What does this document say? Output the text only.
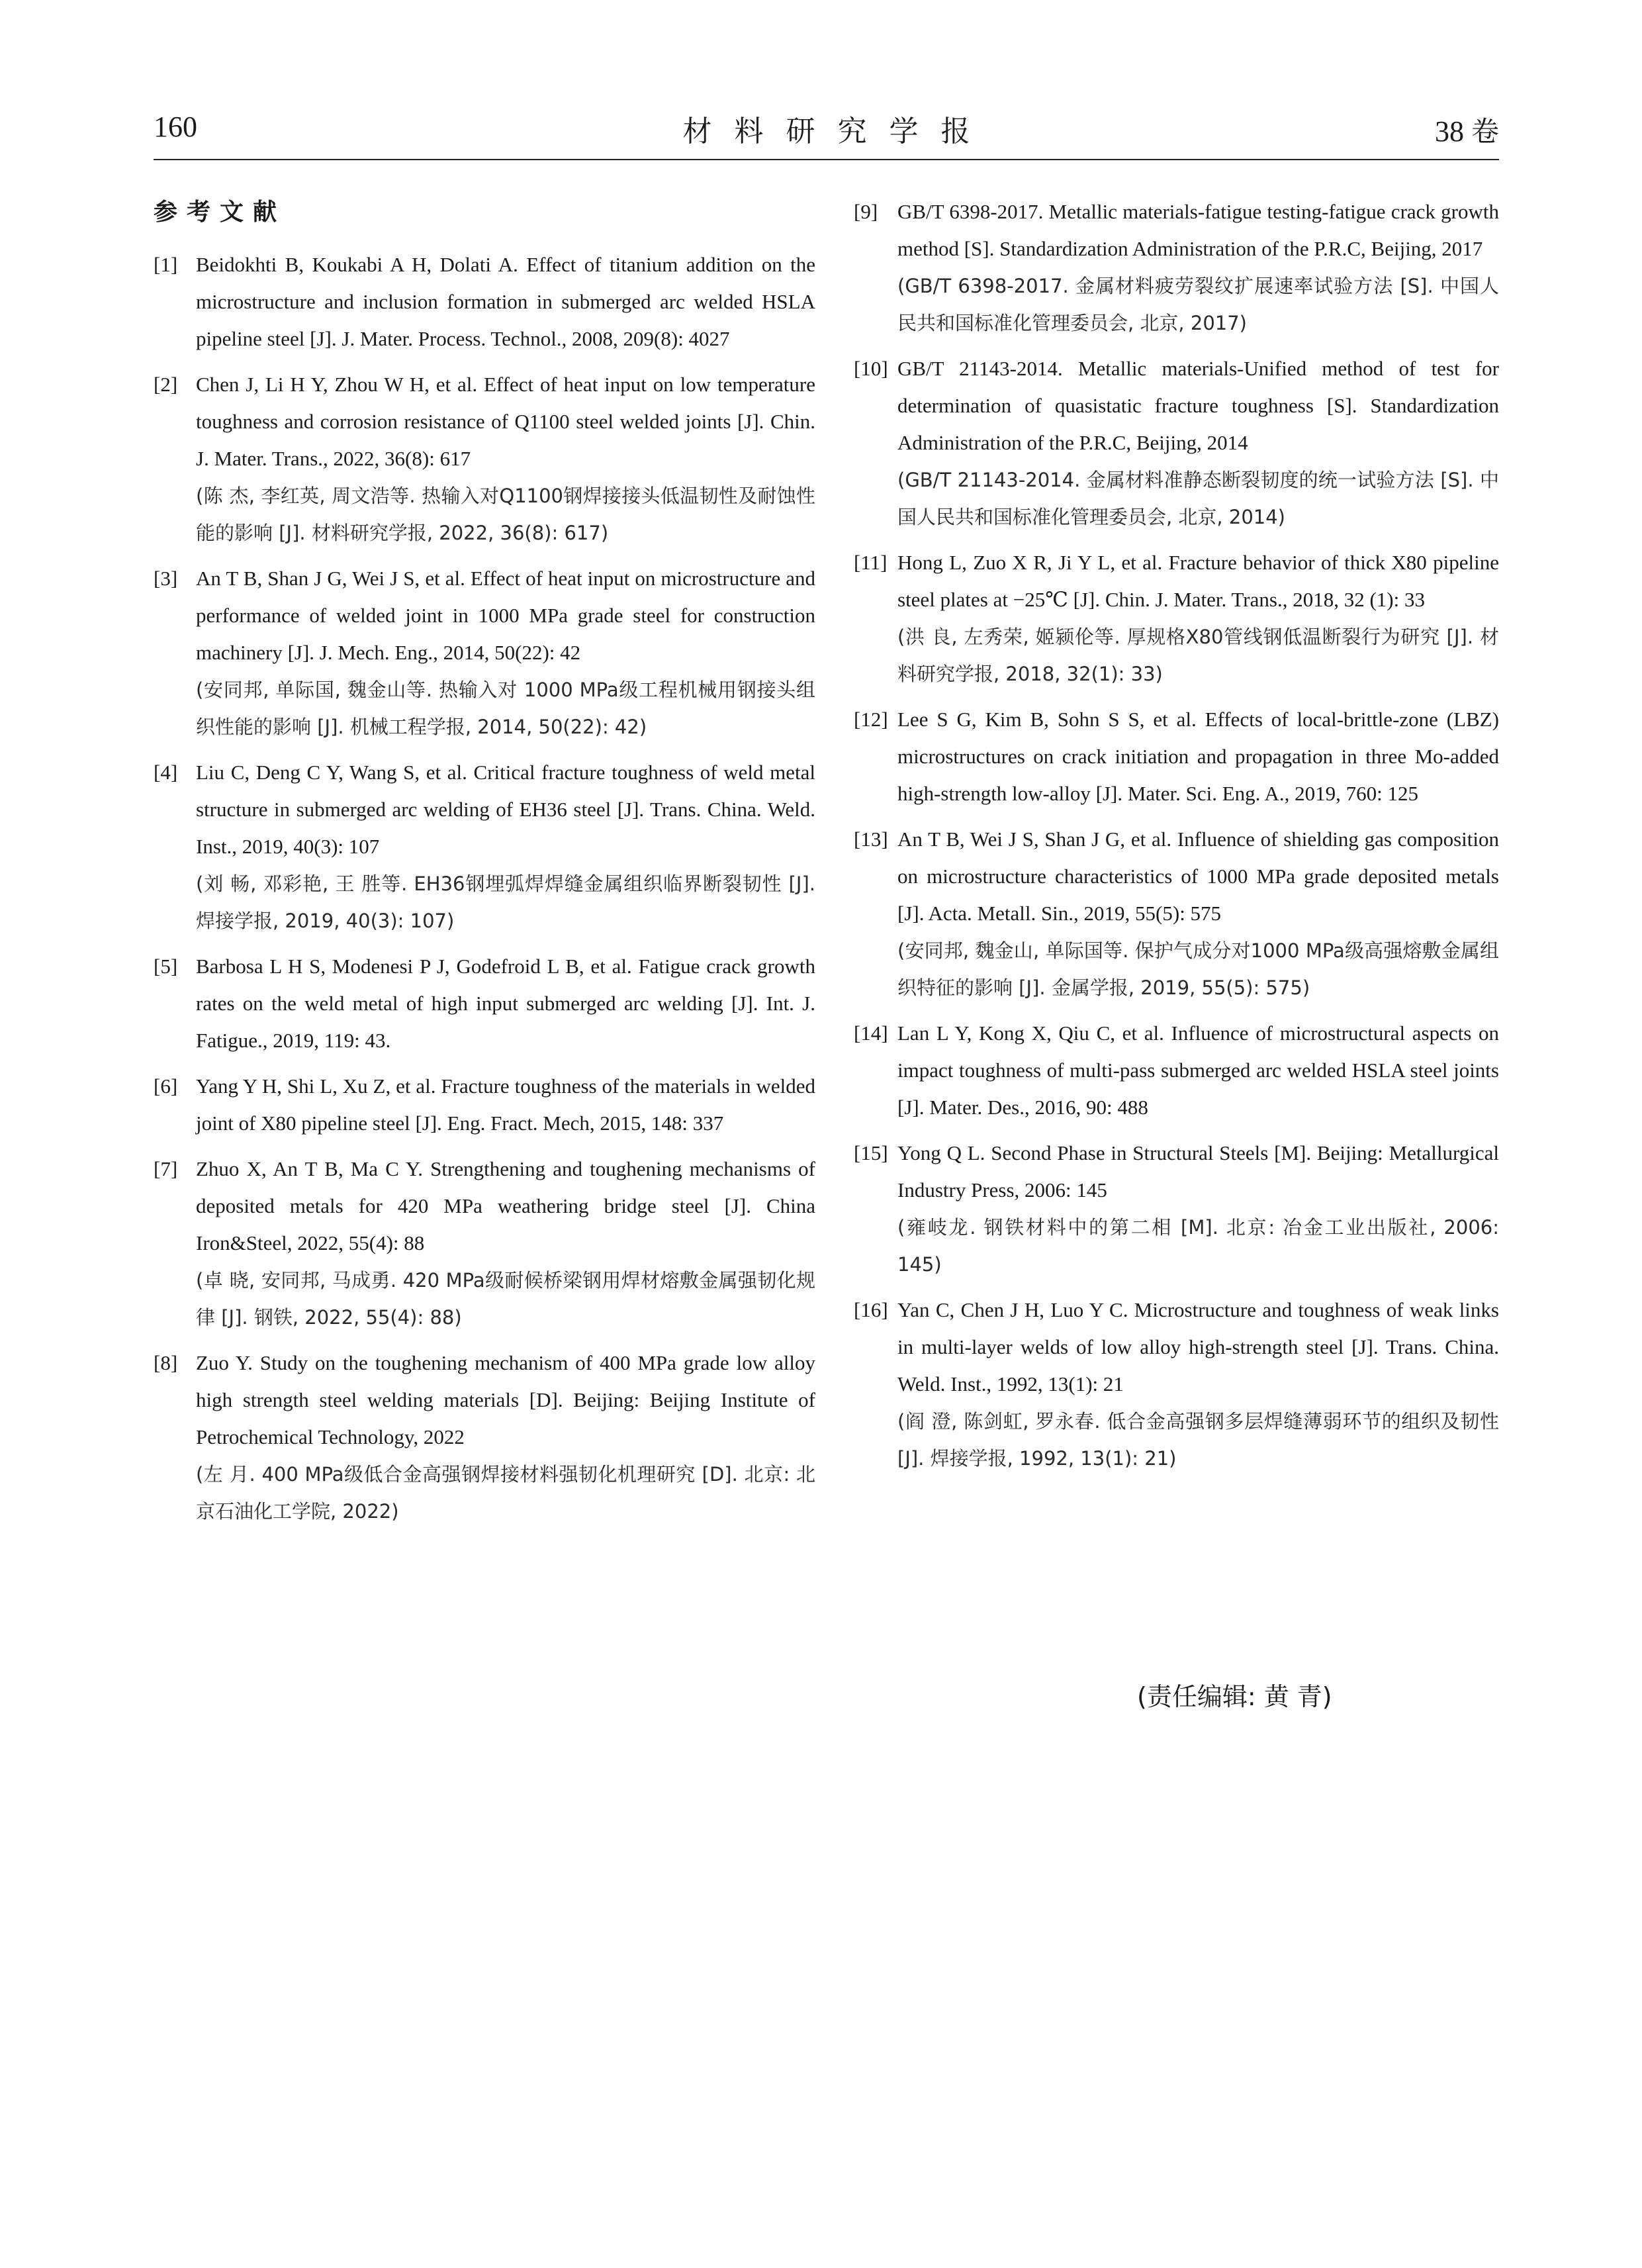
160	材料研究学报	38 卷
参考文献
[1] Beidokhti B, Koukabi A H, Dolati A. Effect of titanium addition on the microstructure and inclusion formation in submerged arc welded HSLA pipeline steel [J]. J. Mater. Process. Technol., 2008, 209(8): 4027
[2] Chen J, Li H Y, Zhou W H, et al. Effect of heat input on low temperature toughness and corrosion resistance of Q1100 steel welded joints [J]. Chin. J. Mater. Trans., 2022, 36(8): 617
(陈 杰, 李红英, 周文浩等. 热输入对Q1100钢焊接接头低温韧性及耐蚀性能的影响 [J]. 材料研究学报, 2022, 36(8): 617)
[3] An T B, Shan J G, Wei J S, et al. Effect of heat input on microstructure and performance of welded joint in 1000 MPa grade steel for construction machinery [J]. J. Mech. Eng., 2014, 50(22): 42
(安同邦, 单际国, 魏金山等. 热输入对 1000 MPa级工程机械用钢接头组织性能的影响 [J]. 机械工程学报, 2014, 50(22): 42)
[4] Liu C, Deng C Y, Wang S, et al. Critical fracture toughness of weld metal structure in submerged arc welding of EH36 steel [J]. Trans. China. Weld. Inst., 2019, 40(3): 107
(刘 畅, 邓彩艳, 王 胜等. EH36钢埋弧焊焊缝金属组织临界断裂韧性 [J]. 焊接学报, 2019, 40(3): 107)
[5] Barbosa L H S, Modenesi P J, Godefroid L B, et al. Fatigue crack growth rates on the weld metal of high input submerged arc welding [J]. Int. J. Fatigue., 2019, 119: 43.
[6] Yang Y H, Shi L, Xu Z, et al. Fracture toughness of the materials in welded joint of X80 pipeline steel [J]. Eng. Fract. Mech, 2015, 148: 337
[7] Zhuo X, An T B, Ma C Y. Strengthening and toughening mechanisms of deposited metals for 420 MPa weathering bridge steel [J]. China Iron&Steel, 2022, 55(4): 88
(卓 晓, 安同邦, 马成勇. 420 MPa级耐候桥梁钢用焊材熔敷金属强韧化规律 [J]. 钢铁, 2022, 55(4): 88)
[8] Zuo Y. Study on the toughening mechanism of 400 MPa grade low alloy high strength steel welding materials [D]. Beijing: Beijing Institute of Petrochemical Technology, 2022
(左 月. 400 MPa级低合金高强钢焊接材料强韧化机理研究 [D]. 北京: 北京石油化工学院, 2022)
[9] GB/T 6398-2017. Metallic materials-fatigue testing-fatigue crack growth method [S]. Standardization Administration of the P.R.C, Beijing, 2017
(GB/T 6398-2017. 金属材料疲劳裂纹扩展速率试验方法 [S]. 中国人民共和国标准化管理委员会, 北京, 2017)
[10] GB/T 21143-2014. Metallic materials-Unified method of test for determination of quasistatic fracture toughness [S]. Standardization Administration of the P.R.C, Beijing, 2014
(GB/T 21143-2014. 金属材料准静态断裂韧度的统一试验方法 [S]. 中国人民共和国标准化管理委员会, 北京, 2014)
[11] Hong L, Zuo X R, Ji Y L, et al. Fracture behavior of thick X80 pipeline steel plates at −25℃ [J]. Chin. J. Mater. Trans., 2018, 32 (1): 33
(洪 良, 左秀荣, 姬颍伦等. 厚规格X80管线钢低温断裂行为研究 [J]. 材料研究学报, 2018, 32(1): 33)
[12] Lee S G, Kim B, Sohn S S, et al. Effects of local-brittle-zone (LBZ) microstructures on crack initiation and propagation in three Mo-added high-strength low-alloy [J]. Mater. Sci. Eng. A., 2019, 760: 125
[13] An T B, Wei J S, Shan J G, et al. Influence of shielding gas composition on microstructure characteristics of 1000 MPa grade deposited metals [J]. Acta. Metall. Sin., 2019, 55(5): 575
(安同邦, 魏金山, 单际国等. 保护气成分对1000 MPa级高强熔敷金属组织特征的影响 [J]. 金属学报, 2019, 55(5): 575)
[14] Lan L Y, Kong X, Qiu C, et al. Influence of microstructural aspects on impact toughness of multi-pass submerged arc welded HSLA steel joints [J]. Mater. Des., 2016, 90: 488
[15] Yong Q L. Second Phase in Structural Steels [M]. Beijing: Metallurgical Industry Press, 2006: 145
(雍岐龙. 钢铁材料中的第二相 [M]. 北京: 冶金工业出版社, 2006: 145)
[16] Yan C, Chen J H, Luo Y C. Microstructure and toughness of weak links in multi-layer welds of low alloy high-strength steel [J]. Trans. China. Weld. Inst., 1992, 13(1): 21
(阎 澄, 陈剑虹, 罗永春. 低合金高强钢多层焊缝薄弱环节的组织及韧性 [J]. 焊接学报, 1992, 13(1): 21)
(责任编辑: 黄 青)
